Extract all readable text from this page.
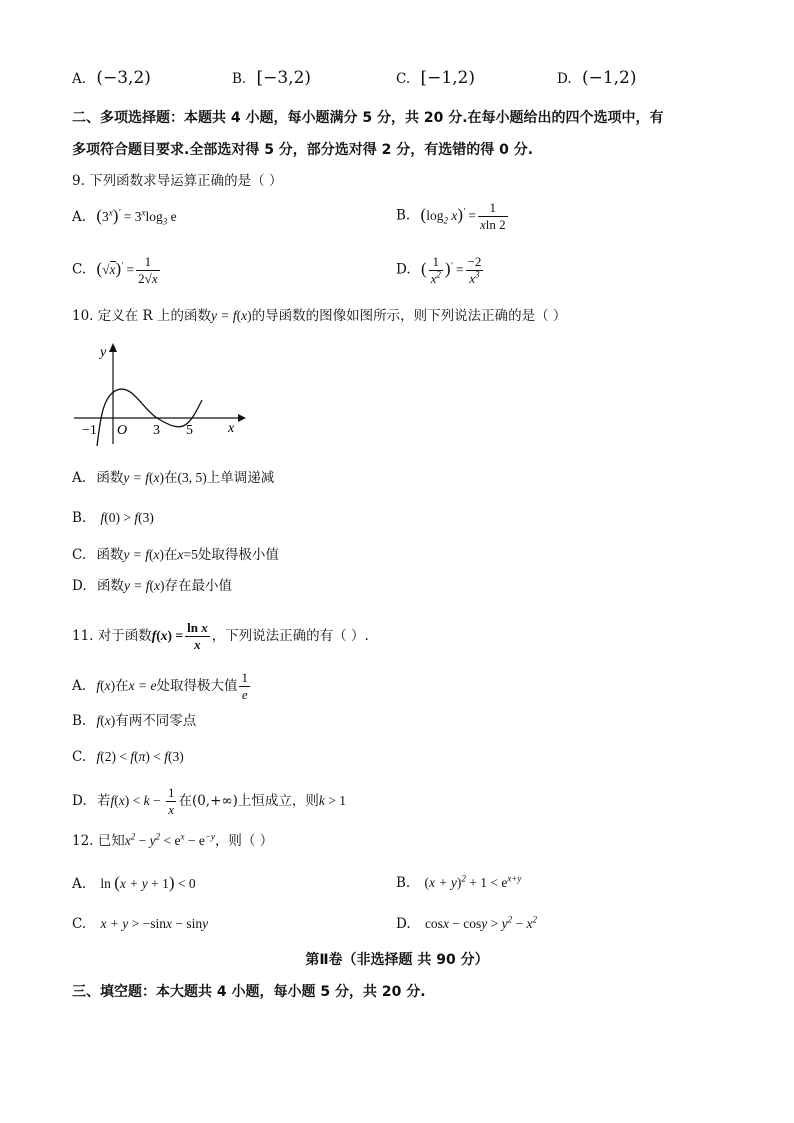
A. (−3,2)	B. [−3,2)	C. [−1,2)	D. (−1,2)
二、多项选择题：本题共 4 小题，每小题满分 5 分，共 20 分.在每小题给出的四个选项中，有
多项符合题目要求.全部选对得 5 分，部分选对得 2 分，有选错的得 0 分.
9. 下列函数求导运算正确的是（ ）
A. $(3^x)' = 3^x\log_3$ e	B. ($\log_2$ $x)' = \frac{1}{xln 2}$
C. $(√x)' = \frac{1}{2√x}$	D. ( $\frac{1}{x^2} )' = \frac{-2}{x^3}$
10. 定义在 R 上的函数y = f(x)的导函数的图像如图所示，则下列说法正确的是（ ）
y
x
O
−1	3 5
A. 函数y = f(x)在(3, 5)上单调递减
B. f(0) > f(3)
C. 函数y = f(x)在x=5处取得极小值
D. 函数y = f(x)存在最小值
11. 对于函数$f(x) = \frac{\text{ln x}}{x}$ ，下列说法正确的有（ ）.
A. f(x)在x = e处取得极大值 $\frac{1}{e}$
B. f(x)有两不同零点
C. f(2) < f(π) < f(3)
D. 若$f(x) < k - \frac{1}{x}$ 在(0,+∞)上恒成立，则k > 1
12. 已知$x^2 - y^2 < e^x - e^{-y}$，则（ ）
A. ln (x + y + 1) < 0	B. $(x + y)^2 + 1 < e^{x+y}$
C. x + y > −sinx − siny	D. $\cos x - \cos y > y^2 - x^2$
第Ⅱ卷（非选择题 共 90 分）
三、填空题：本大题共 4 小题，每小题 5 分，共 20 分.
